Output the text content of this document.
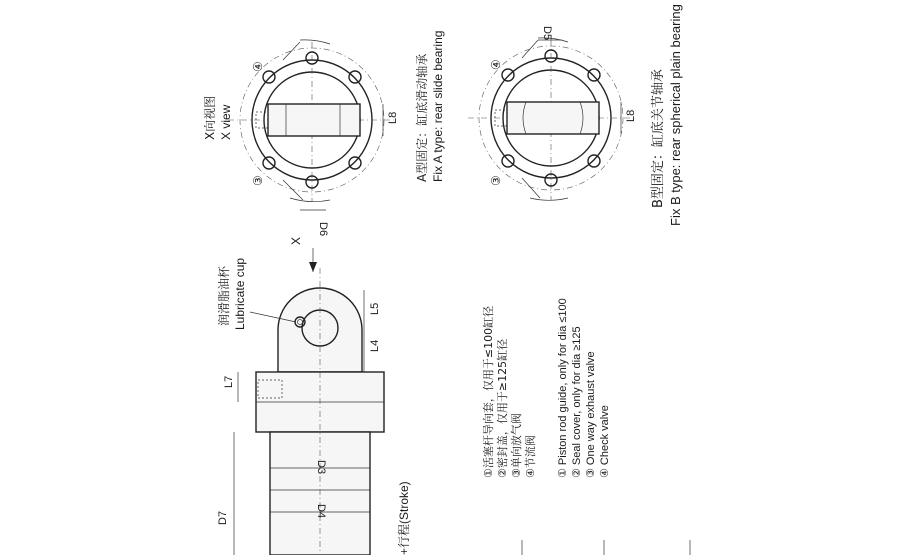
④
③
D6
L8
X向视图 X view	A型固定：缸底滑动轴承 Fix A type: rear slide bearing	④
③
D5
L8 B型固定：缸底关节轴承 Fix B type: rear spherical plain bearing
X
润滑脂油杯 Lubricate cup	L5
L4
L7
D3
D4
D7	+行程(Stroke)
①活塞杆导向套，仅用于≤100缸径 ②密封盖，仅用于≥125缸径 ③单向放气阀 ④节流阀 ① Piston rod guide, only for dia ≤100 ② Seal cover, only for dia ≥125 ③ One way exhaust valve ④ Check valve
